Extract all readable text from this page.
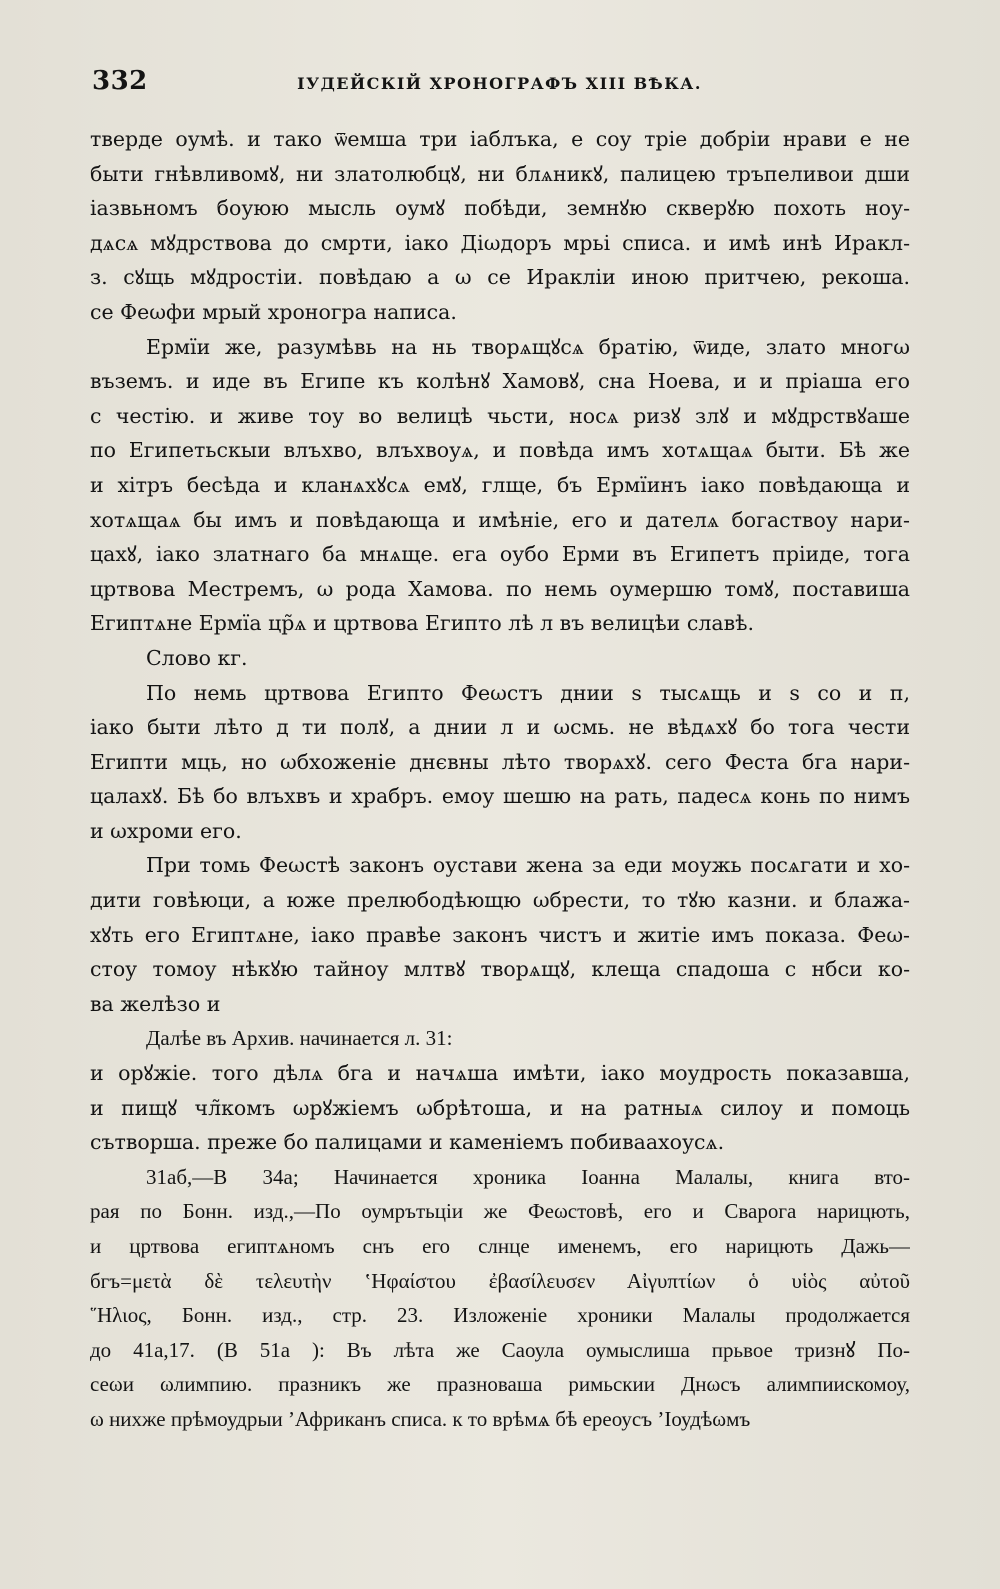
332	ІУДЕЙСКІЙ ХРОНОГРАФЪ XIII ВѢКА.
тверде оумѣ. и тако ѿемша три іаблъка, е соу тріе добріи нрави е не
быти гнѣвливомꙋ, ни златолюбцꙋ, ни блѧникꙋ, палицею тръпеливои дши
іазвьномъ боуюю мысль оумꙋ побѣди, земнꙋю скверꙋю похоть ноу-
дѧсѧ мꙋдрствова до смрти, іако Діωдоръ мрьі списа. и имѣ инѣ Иракл-
з. сꙋщь мꙋдростіи. повѣдаю а ω се Иракліи иною притчею, рекоша.
се Феωфи мрый хроногра написа.
Ермїи же, разумѣвь на нь творѧщꙋсѧ братію, ѿиде, злато многω
въземъ. и иде въ Египе къ колѣнꙋ Хамовꙋ, сна Ноева, и и пріаша его
с честію. и живе тоу во велицѣ чьсти, носѧ ризꙋ злꙋ и мꙋдрствꙋаше
по Египетьскыи влъхво, влъхвоуѧ, и повѣда имъ хотѧщаѧ быти. Бѣ же
и хітръ бесѣда и кланѧхꙋсѧ емꙋ, глще, бъ Ермїинъ іако повѣдающа и
хотѧщаѧ бы имъ и повѣдающа и имѣніе, его и дателѧ богаствоу нари-
цахꙋ, іако златнаго ба мнѧще. ега оубо Ерми въ Египетъ пріиде, тога
цртвова Местремъ, ω рода Хамова. по немь оумершю томꙋ, поставиша
Египтѧне Ермїа цр̃ѧ и цртвова Египто лѣ л въ велицѣи славѣ.
Слово кг.
По немь цртвова Египто Феωстъ днии ѕ тысѧщь и ѕ со и п,
іако быти лѣто д ти полꙋ, а днии л и ωсмь. не вѣдѧхꙋ бо тога чести
Египти мць, но ωбхоженіе днєвны лѣто творѧхꙋ. сего Феста бга нари-
цалахꙋ. Бѣ бо влъхвъ и храбръ. емоу шешю на рать, падесѧ конь по нимъ
и ωхроми его.
При томь Феωстѣ законъ оустави жена за еди моужь посѧгати и хо-
дити говѣюци, а юже прелюбодѣющю ωбрести, то тꙋю казни. и блажа-
хꙋть его Египтѧне, іако правѣе законъ чистъ и житіе имъ показа. Феω-
стоу томоу нѣкꙋю тайноу млтвꙋ творѧщꙋ, клеща спадоша с нбси ко-
ва желѣзо и
Далѣе въ Архив. начинается л. 31:
и орꙋжіе. того дѣлѧ бга и начѧша имѣти, іако моудрость показавша,
и пищꙋ чл̃комъ ωрꙋжіемъ ωбрѣтоша, и на ратныѧ силоу и помоць
сътворша. преже бо палицами и каменіемъ побиваахоусѧ.
31аб,—В 34а; Начинается хроника Іоанна Малалы, книга вто-
рая по Бонн. изд.,—По оумрътьціи же Феωстовѣ, его и Сварога нарицють,
и цртвова египтѧномъ снъ его слнце именемъ, его нарицють Дажь—
бгъ=μετὰ δὲ τελευτὴν ʽΗφαίστου ἐβασίλευσεν Αἰγυπτίων ὁ υἱὸς αὐτοῦ
῞Ηλιος, Бонн. изд., стр. 23. Изложеніе хроники Малалы продолжается
до 41а,17. (В 51а ): Въ лѣта же Саоула оумыслиша прьвое тризнꙋ По-
сеωи ωлимпию. празникъ же празноваша римьскии Днωсъ алимпиискомоу,
ω нихже прѣмоудрыи ʼАфриканъ списа. к то врѣмѧ бѣ ереоусъ ʼІоудѣωмъ
